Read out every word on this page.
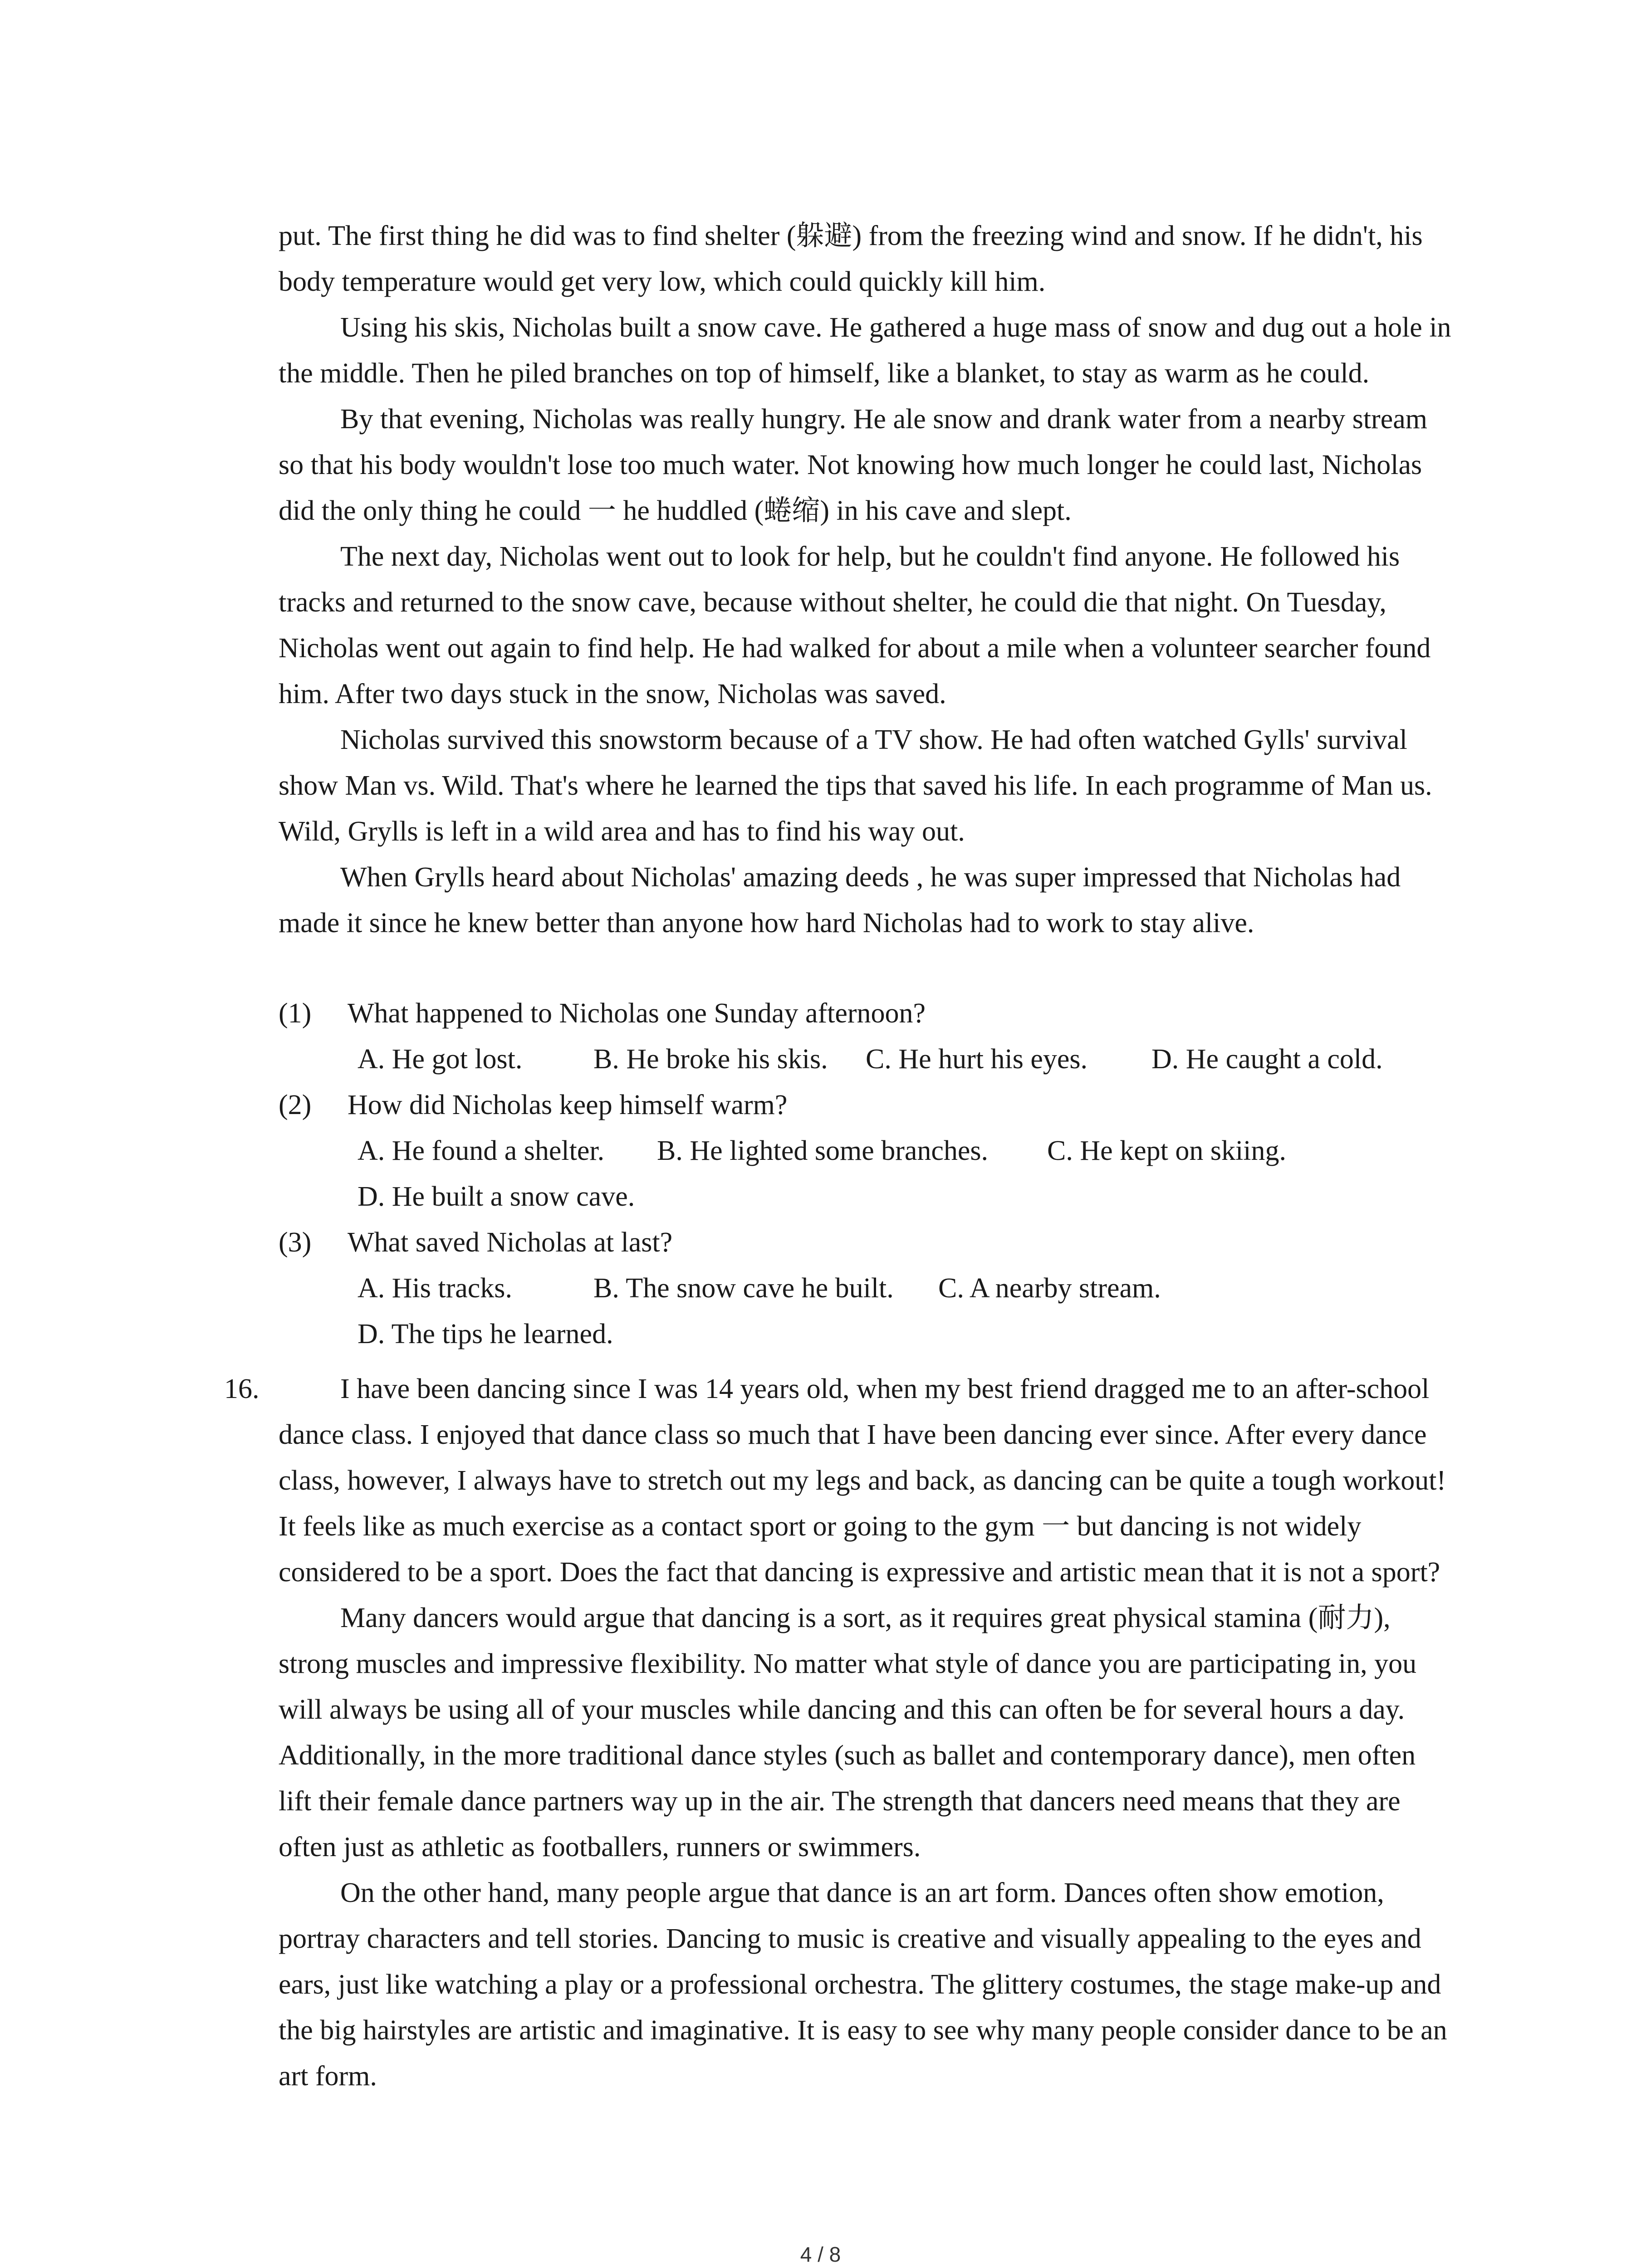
put. The first thing he did was to find shelter (躲避) from the freezing wind and snow. If he didn't, his body temperature would get very low, which could quickly kill him.

Using his skis, Nicholas built a snow cave. He gathered a huge mass of snow and dug out a hole in the middle. Then he piled branches on top of himself, like a blanket, to stay as warm as he could.

By that evening, Nicholas was really hungry. He ale snow and drank water from a nearby stream so that his body wouldn't lose too much water. Not knowing how much longer he could last, Nicholas did the only thing he could 一 he huddled (蜷缩) in his cave and slept.

The next day, Nicholas went out to look for help, but he couldn't find anyone. He followed his tracks and returned to the snow cave, because without shelter, he could die that night. On Tuesday, Nicholas went out again to find help. He had walked for about a mile when a volunteer searcher found him. After two days stuck in the snow, Nicholas was saved.

Nicholas survived this snowstorm because of a TV show. He had often watched Gylls' survival show Man vs. Wild. That's where he learned the tips that saved his life. In each programme of Man us. Wild, Grylls is left in a wild area and has to find his way out.

When Grylls heard about Nicholas' amazing deeds , he was super impressed that Nicholas had made it since he knew better than anyone how hard Nicholas had to work to stay alive.

(1) What happened to Nicholas one Sunday afternoon?
A. He got lost.	B. He broke his skis. C. He hurt his eyes. D. He caught a cold.
(2) How did Nicholas keep himself warm?
A. He found a shelter. B. He lighted some branches. C. He kept on skiing.
D. He built a snow cave.
(3) What saved Nicholas at last?
A. His tracks.	B. The snow cave he built. C. A nearby stream.
D. The tips he learned.
16.	I have been dancing since I was 14 years old, when my best friend dragged me to an after-school dance class. I enjoyed that dance class so much that I have been dancing ever since. After every dance class, however, I always have to stretch out my legs and back, as dancing can be quite a tough workout! It feels like as much exercise as a contact sport or going to the gym 一 but dancing is not widely considered to be a sport. Does the fact that dancing is expressive and artistic mean that it is not a sport?

Many dancers would argue that dancing is a sort, as it requires great physical stamina (耐力), strong muscles and impressive flexibility. No matter what style of dance you are participating in, you will always be using all of your muscles while dancing and this can often be for several hours a day. Additionally, in the more traditional dance styles (such as ballet and contemporary dance), men often lift their female dance partners way up in the air. The strength that dancers need means that they are often just as athletic as footballers, runners or swimmers.

On the other hand, many people argue that dance is an art form. Dances often show emotion, portray characters and tell stories. Dancing to music is creative and visually appealing to the eyes and ears, just like watching a play or a professional orchestra. The glittery costumes, the stage make-up and the big hairstyles are artistic and imaginative. It is easy to see why many people consider dance to be an art form.

4 / 8
